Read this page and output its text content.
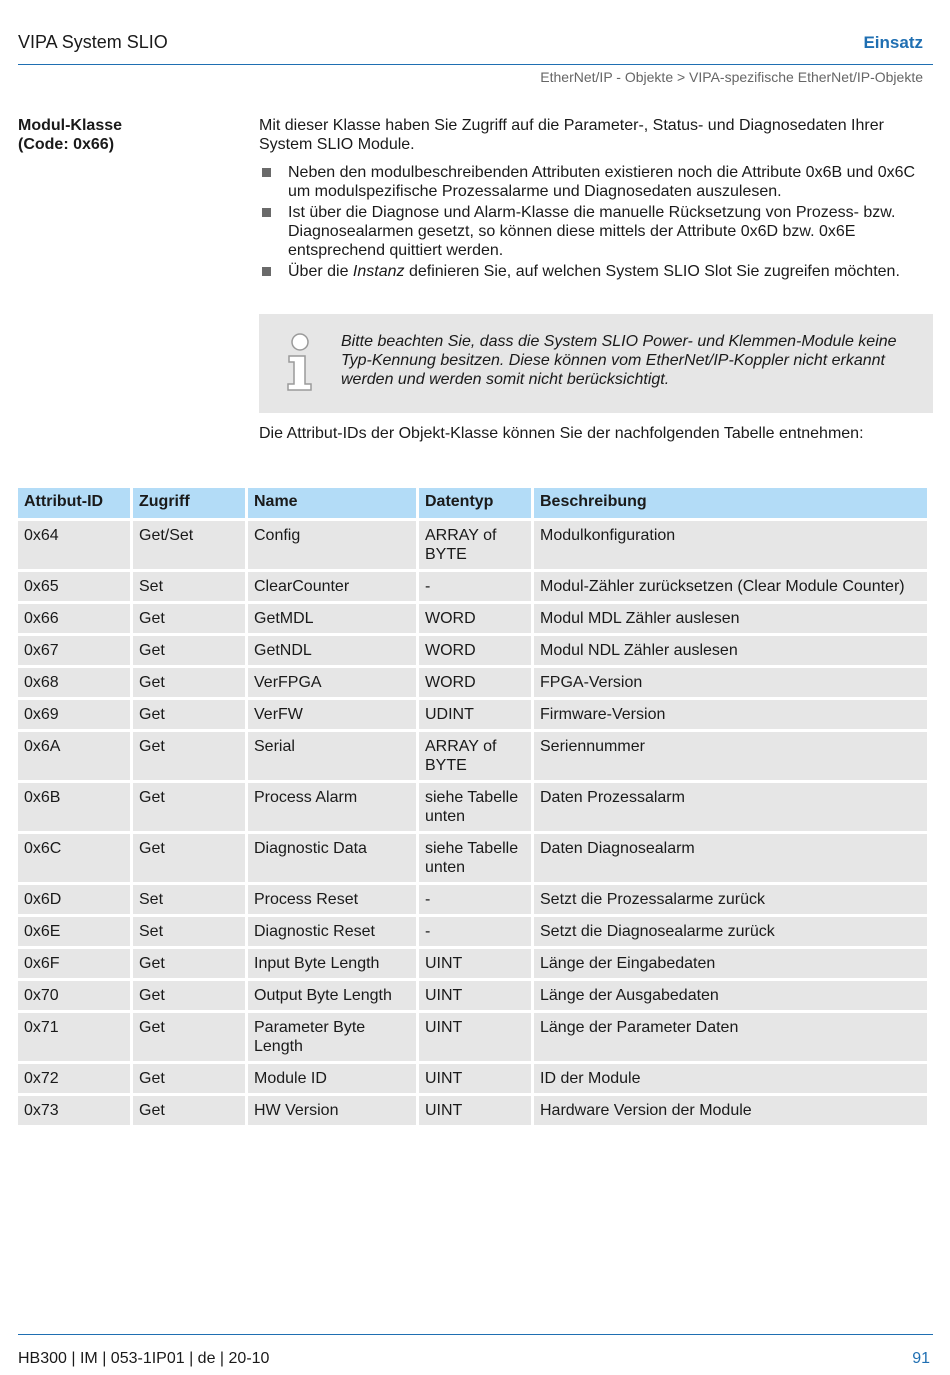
VIPA System SLIO	Einsatz
EtherNet/IP - Objekte > VIPA-spezifische EtherNet/IP-Objekte
Modul-Klasse
(Code: 0x66)
Mit dieser Klasse haben Sie Zugriff auf die Parameter-, Status- und Diagnosedaten Ihrer System SLIO Module.
Neben den modulbeschreibenden Attributen existieren noch die Attribute 0x6B und 0x6C um modulspezifische Prozessalarme und Diagnosedaten auszulesen.
Ist über die Diagnose und Alarm-Klasse die manuelle Rücksetzung von Prozess- bzw. Diagnosealarmen gesetzt, so können diese mittels der Attribute 0x6D bzw. 0x6E entsprechend quittiert werden.
Über die Instanz definieren Sie, auf welchen System SLIO Slot Sie zugreifen möchten.
Bitte beachten Sie, dass die System SLIO Power- und Klemmen-Module keine Typ-Kennung besitzen. Diese können vom EtherNet/IP-Koppler nicht erkannt werden und werden somit nicht berücksichtigt.
Die Attribut-IDs der Objekt-Klasse können Sie der nachfolgenden Tabelle entnehmen:
Attribut-ID	Zugriff	Name	Datentyp	Beschreibung
0x64	Get/Set	Config	ARRAY of BYTE	Modulkonfiguration
0x65	Set	ClearCounter	-	Modul-Zähler zurücksetzen (Clear Module Counter)
0x66	Get	GetMDL	WORD	Modul MDL Zähler auslesen
0x67	Get	GetNDL	WORD	Modul NDL Zähler auslesen
0x68	Get	VerFPGA	WORD	FPGA-Version
0x69	Get	VerFW	UDINT	Firmware-Version
0x6A	Get	Serial	ARRAY of BYTE	Seriennummer
0x6B	Get	Process Alarm	siehe Tabelle unten	Daten Prozessalarm
0x6C	Get	Diagnostic Data	siehe Tabelle unten	Daten Diagnosealarm
0x6D	Set	Process Reset	-	Setzt die Prozessalarme zurück
0x6E	Set	Diagnostic Reset	-	Setzt die Diagnosealarme zurück
0x6F	Get	Input Byte Length	UINT	Länge der Eingabedaten
0x70	Get	Output Byte Length	UINT	Länge der Ausgabedaten
0x71	Get	Parameter Byte Length	UINT	Länge der Parameter Daten
0x72	Get	Module ID	UINT	ID der Module
0x73	Get	HW Version	UINT	Hardware Version der Module
HB300 | IM | 053-1IP01 | de | 20-10	91
